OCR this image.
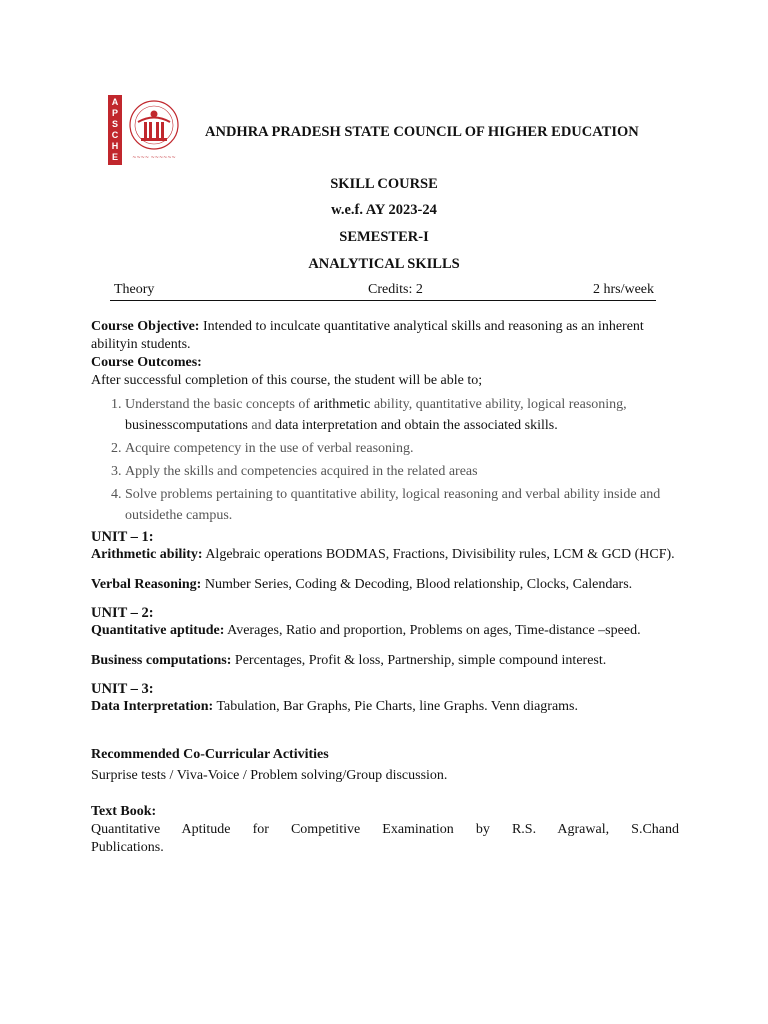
A
P
S
C
H
E	~~~~ ~~~~~~
ANDHRA PRADESH STATE COUNCIL OF HIGHER EDUCATION
SKILL COURSE
w.e.f. AY 2023-24
SEMESTER-I
ANALYTICAL SKILLS
Theory	Credits: 2	2 hrs/week

Course Objective: Intended to inculcate quantitative analytical skills and reasoning as an inherent abilityin students.

Course Outcomes:

After successful completion of this course, the student will be able to;

1. Understand the basic concepts of arithmetic ability, quantitative ability, logical reasoning, businesscomputations and data interpretation and obtain the associated skills.
2. Acquire competency in the use of verbal reasoning.
3. Apply the skills and competencies acquired in the related areas
4. Solve problems pertaining to quantitative ability, logical reasoning and verbal ability inside and outsidethe campus.

UNIT – 1:

Arithmetic ability: Algebraic operations BODMAS, Fractions, Divisibility rules, LCM & GCD (HCF).

Verbal Reasoning: Number Series, Coding & Decoding, Blood relationship, Clocks, Calendars.

UNIT – 2:

Quantitative aptitude: Averages, Ratio and proportion, Problems on ages, Time-distance –speed.

Business computations: Percentages, Profit & loss, Partnership, simple compound interest.

UNIT – 3:

Data Interpretation: Tabulation, Bar Graphs, Pie Charts, line Graphs. Venn diagrams.

Recommended Co-Curricular Activities

Surprise tests / Viva-Voice / Problem solving/Group discussion.

Text Book:

Quantitative Aptitude for Competitive Examination by R.S. Agrawal, S.Chand

Publications.
